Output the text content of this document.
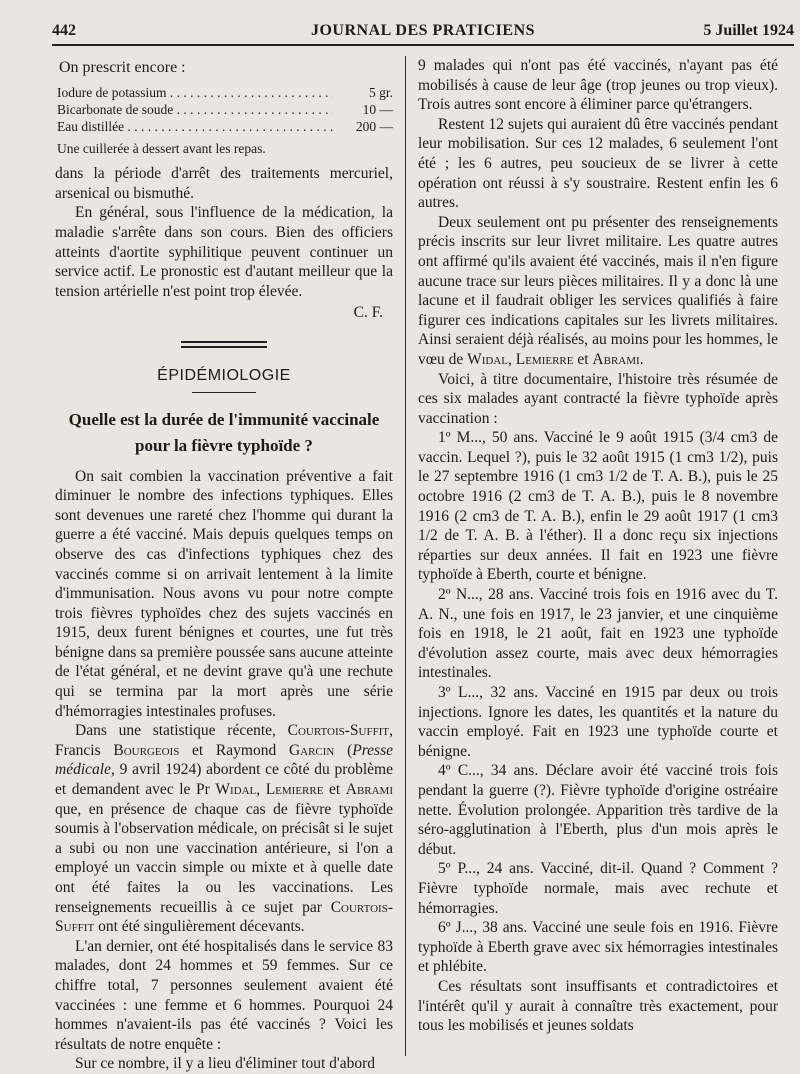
442	JOURNAL DES PRATICIENS	5 Juillet 1924

On prescrit encore :

Iodure de potassium . . .	5 gr.
Bicarbonate de soude . . .	10 —
Eau distillée . . .	200 —

Une cuillerée à dessert avant les repas.

dans la période d'arrêt des traitements mercuriel, arsenical ou bismuthé.

En général, sous l'influence de la médication, la maladie s'arrête dans son cours. Bien des officiers atteints d'aortite syphilitique peuvent continuer un service actif. Le pronostic est d'autant meilleur que la tension artérielle n'est point trop élevée.

C. F.

ÉPIDÉMIOLOGIE
Quelle est la durée de l'immunité vaccinale pour la fièvre typhoïde ?

On sait combien la vaccination préventive a fait diminuer le nombre des infections typhiques. Elles sont devenues une rareté chez l'homme qui durant la guerre a été vacciné. Mais depuis quelques temps on observe des cas d'infections typhiques chez des vaccinés comme si on arrivait lentement à la limite d'immunisation. Nous avons vu pour notre compte trois fièvres typhoïdes chez des sujets vaccinés en 1915, deux furent bénignes et courtes, une fut très bénigne dans sa première poussée sans aucune atteinte de l'état général, et ne devint grave qu'à une rechute qui se termina par la mort après une série d'hémorragies intestinales profuses.

Dans une statistique récente, Courtois-Suffit, Francis Bourgeois et Raymond Garcin (Presse médicale, 9 avril 1924) abordent ce côté du problème et demandent avec le Pr Widal, Lemierre et Abrami que, en présence de chaque cas de fièvre typhoïde soumis à l'observation médicale, on précisât si le sujet a subi ou non une vaccination antérieure, si l'on a employé un vaccin simple ou mixte et à quelle date ont été faites la ou les vaccinations. Les renseignements recueillis à ce sujet par Courtois-Suffit ont été singulièrement décevants.

L'an dernier, ont été hospitalisés dans le service 83 malades, dont 24 hommes et 59 femmes. Sur ce chiffre total, 7 personnes seulement avaient été vaccinées : une femme et 6 hommes. Pourquoi 24 hommes n'avaient-ils pas été vaccinés ? Voici les résultats de notre enquête :

Sur ce nombre, il y a lieu d'éliminer tout d'abord

9 malades qui n'ont pas été vaccinés, n'ayant pas été mobilisés à cause de leur âge (trop jeunes ou trop vieux). Trois autres sont encore à éliminer parce qu'étrangers.

Restent 12 sujets qui auraient dû être vaccinés pendant leur mobilisation. Sur ces 12 malades, 6 seulement l'ont été ; les 6 autres, peu soucieux de se livrer à cette opération ont réussi à s'y soustraire. Restent enfin les 6 autres.

Deux seulement ont pu présenter des renseignements précis inscrits sur leur livret militaire. Les quatre autres ont affirmé qu'ils avaient été vaccinés, mais il n'en figure aucune trace sur leurs pièces militaires. Il y a donc là une lacune et il faudrait obliger les services qualifiés à faire figurer ces indications capitales sur les livrets militaires. Ainsi seraient déjà réalisés, au moins pour les hommes, le vœu de Widal, Lemierre et Abrami.

Voici, à titre documentaire, l'histoire très résumée de ces six malades ayant contracté la fièvre typhoïde après vaccination :

1º M..., 50 ans. Vacciné le 9 août 1915 (3/4 cm3 de vaccin. Lequel ?), puis le 32 août 1915 (1 cm3 1/2), puis le 27 septembre 1916 (1 cm3 1/2 de T. A. B.), puis le 25 octobre 1916 (2 cm3 de T. A. B.), puis le 8 novembre 1916 (2 cm3 de T. A. B.), enfin le 29 août 1917 (1 cm3 1/2 de T. A. B. à l'éther). Il a donc reçu six injections réparties sur deux années. Il fait en 1923 une fièvre typhoïde à Eberth, courte et bénigne.

2º N..., 28 ans. Vacciné trois fois en 1916 avec du T. A. N., une fois en 1917, le 23 janvier, et une cinquième fois en 1918, le 21 août, fait en 1923 une typhoïde d'évolution assez courte, mais avec deux hémorragies intestinales.

3º L..., 32 ans. Vacciné en 1915 par deux ou trois injections. Ignore les dates, les quantités et la nature du vaccin employé. Fait en 1923 une typhoïde courte et bénigne.

4º C..., 34 ans. Déclare avoir été vacciné trois fois pendant la guerre (?). Fièvre typhoïde d'origine ostréaire nette. Évolution prolongée. Apparition très tardive de la séro-agglutination à l'Eberth, plus d'un mois après le début.

5º P..., 24 ans. Vacciné, dit-il. Quand ? Comment ? Fièvre typhoïde normale, mais avec rechute et hémorragies.

6º J..., 38 ans. Vacciné une seule fois en 1916. Fièvre typhoïde à Eberth grave avec six hémorragies intestinales et phlébite.

Ces résultats sont insuffisants et contradictoires et l'intérêt qu'il y aurait à connaître très exactement, pour tous les mobilisés et jeunes soldats
